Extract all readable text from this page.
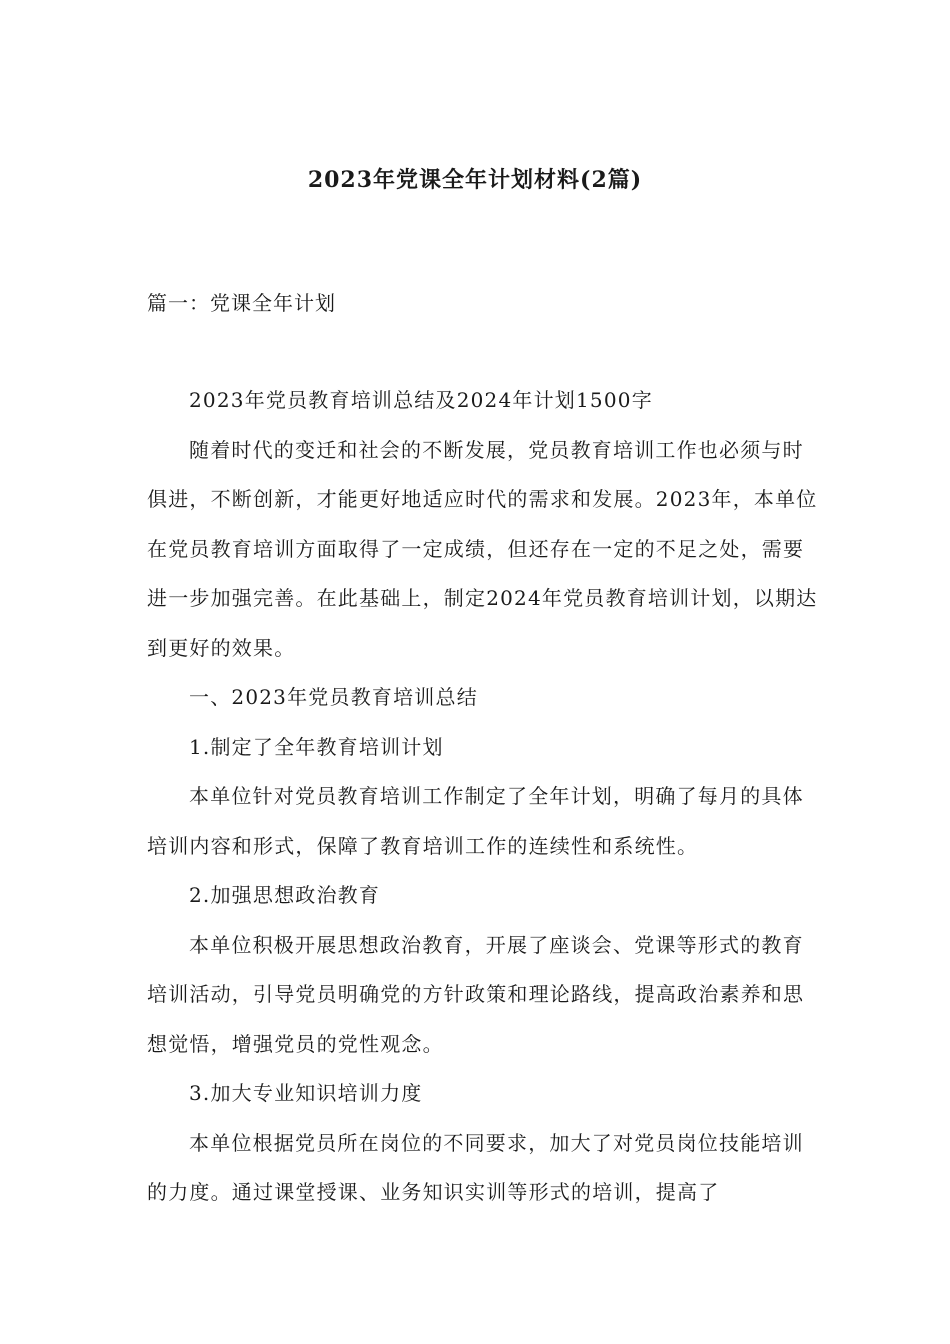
2023年党课全年计划材料(2篇)
篇一：党课全年计划

2023年党员教育培训总结及2024年计划1500字

随着时代的变迁和社会的不断发展，党员教育培训工作也必须与时俱进，不断创新，才能更好地适应时代的需求和发展。2023年，本单位在党员教育培训方面取得了一定成绩，但还存在一定的不足之处，需要进一步加强完善。在此基础上，制定2024年党员教育培训计划，以期达到更好的效果。

一、2023年党员教育培训总结

1.制定了全年教育培训计划

本单位针对党员教育培训工作制定了全年计划，明确了每月的具体培训内容和形式，保障了教育培训工作的连续性和系统性。

2.加强思想政治教育

本单位积极开展思想政治教育，开展了座谈会、党课等形式的教育培训活动，引导党员明确党的方针政策和理论路线，提高政治素养和思想觉悟，增强党员的党性观念。

3.加大专业知识培训力度

本单位根据党员所在岗位的不同要求，加大了对党员岗位技能培训的力度。通过课堂授课、业务知识实训等形式的培训，提高了
